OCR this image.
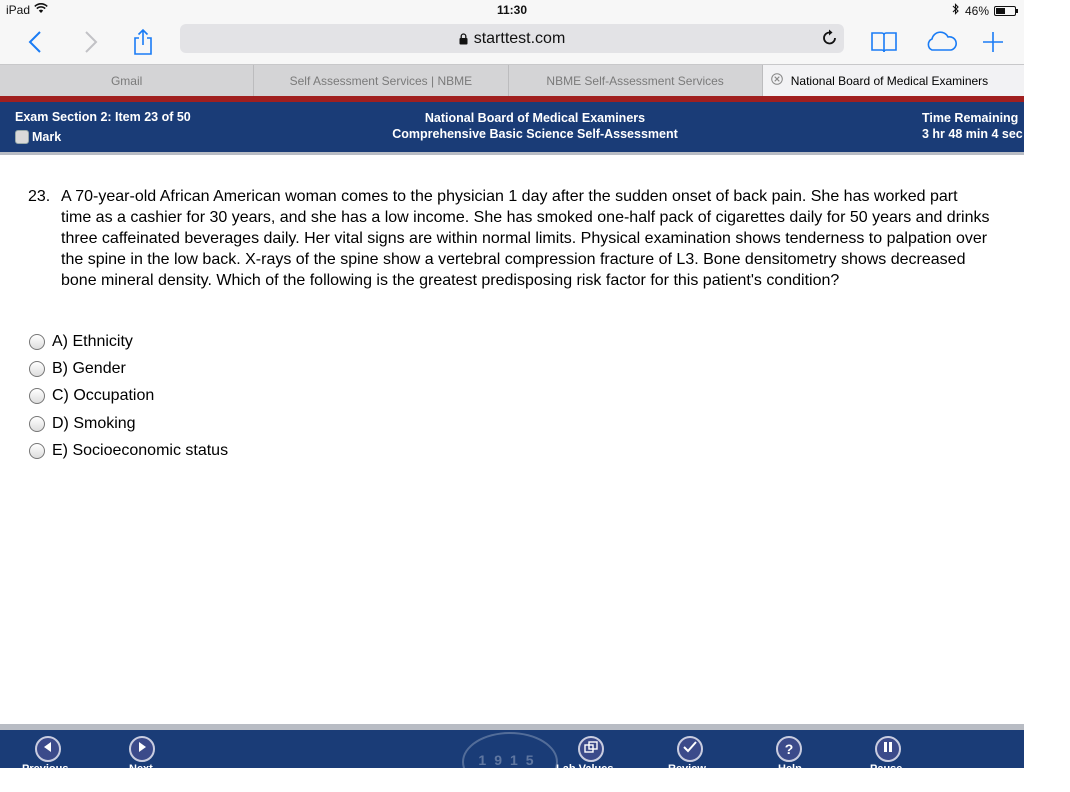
iPad	11:30	46%
starttest.com
Gmail	Self Assessment Services | NBME	NBME Self-Assessment Services	National Board of Medical Examiners
Exam Section 2: Item 23 of 50
Mark
National Board of Medical Examiners
Comprehensive Basic Science Self-Assessment
Time Remaining
3 hr 48 min 4 sec
23. A 70-year-old African American woman comes to the physician 1 day after the sudden onset of back pain. She has worked part time as a cashier for 30 years, and she has a low income. She has smoked one-half pack of cigarettes daily for 50 years and drinks three caffeinated beverages daily. Her vital signs are within normal limits. Physical examination shows tenderness to palpation over the spine in the low back. X-rays of the spine show a vertebral compression fracture of L3. Bone densitometry shows decreased bone mineral density. Which of the following is the greatest predisposing risk factor for this patient's condition?
A) Ethnicity
B) Gender
C) Occupation
D) Smoking
E) Socioeconomic status
1915
Previous	Next	Lab Values	Review
?
Help	Pause
